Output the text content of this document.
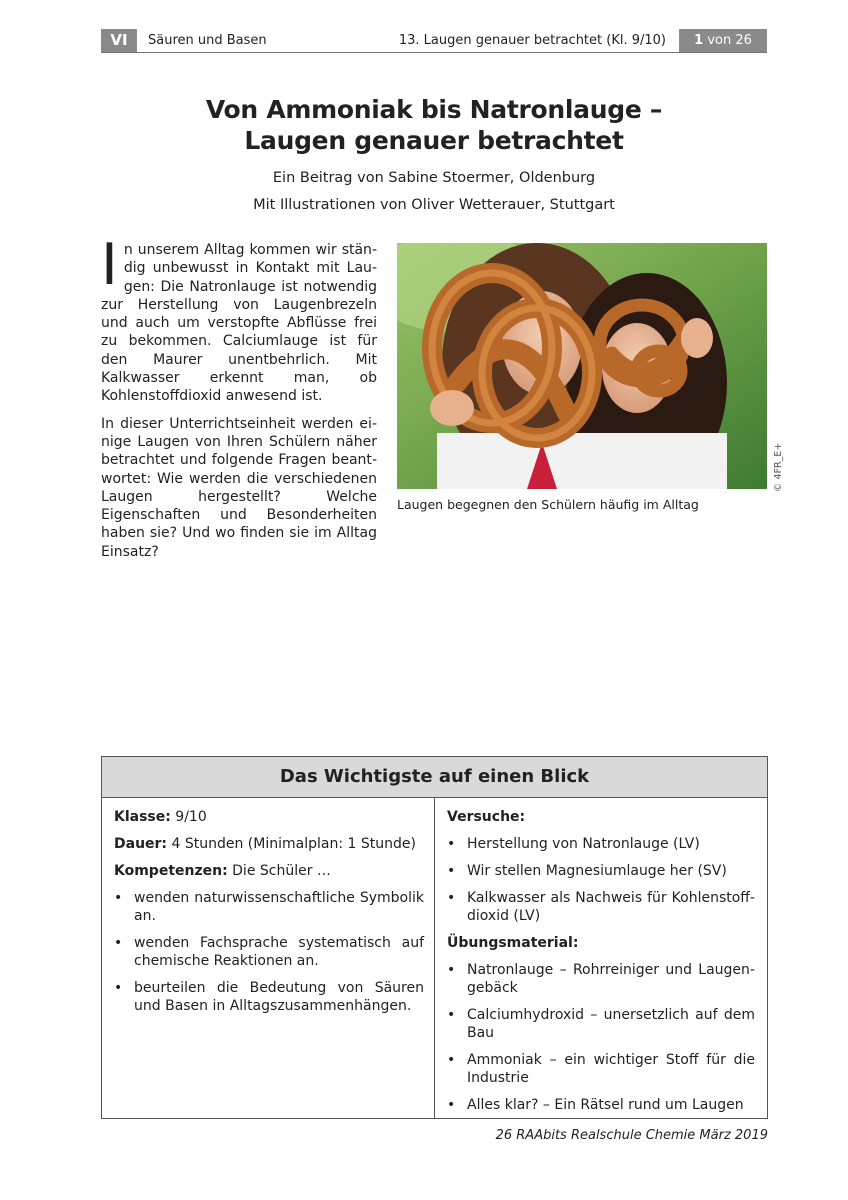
VI	Säuren und Basen	13. Laugen genauer betrachtet (Kl. 9/10)	1 von 26
Von Ammoniak bis Natronlauge –
Laugen genauer betrachtet
Ein Beitrag von Sabine Stoermer, Oldenburg
Mit Illustrationen von Oliver Wetterauer, Stuttgart

In unserem Alltag kommen wir ständig unbewusst in Kontakt mit Laugen: Die Natronlauge ist notwendig zur Herstellung von Laugenbrezeln und auch um verstopfte Abflüsse frei zu bekommen. Calciumlauge ist für den Maurer unentbehrlich. Mit Kalkwasser erkennt man, ob Kohlenstoffdioxid anwesend ist.

In dieser Unterrichtseinheit werden einige Laugen von Ihren Schülern näher betrachtet und folgende Fragen beantwortet: Wie werden die verschiedenen Laugen hergestellt? Welche Eigenschaften und Besonderheiten haben sie? Und wo finden sie im Alltag Einsatz?

Laugen begegnen den Schülern häufig im Alltag
© 4FR_E+
Das Wichtigste auf einen Blick
Klasse: 9/10
Dauer: 4 Stunden (Minimalplan: 1 Stunde)
Kompetenzen: Die Schüler …
• wenden naturwissenschaftliche Symbolik an.
• wenden Fachsprache systematisch auf chemische Reaktionen an.
• beurteilen die Bedeutung von Säuren und Basen in Alltagszusammenhängen.
Versuche:
• Herstellung von Natronlauge (LV)
• Wir stellen Magnesiumlauge her (SV)
• Kalkwasser als Nachweis für Kohlenstoffdioxid (LV)
Übungsmaterial:
• Natronlauge – Rohrreiniger und Laugengebäck
• Calciumhydroxid – unersetzlich auf dem Bau
• Ammoniak – ein wichtiger Stoff für die Industrie
• Alles klar? – Ein Rätsel rund um Laugen
26 RAAbits Realschule Chemie März 2019
